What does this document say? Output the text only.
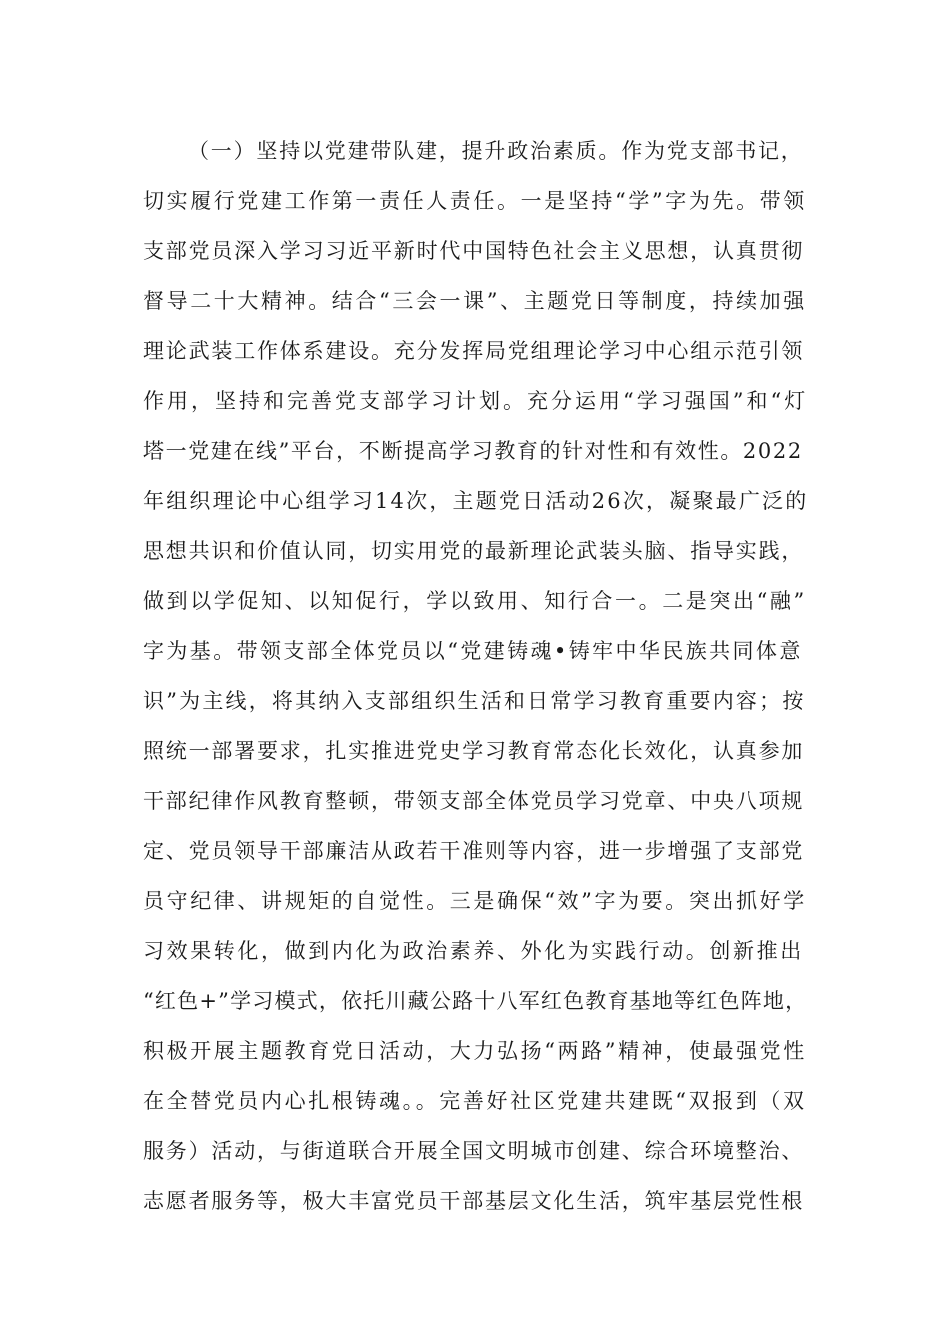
（一）坚持以党建带队建，提升政治素质。作为党支部书记，
切实履行党建工作第一责任人责任。一是坚持“学”字为先。带领
支部党员深入学习习近平新时代中国特色社会主义思想，认真贯彻
督导二十大精神。结合“三会一课”、主题党日等制度，持续加强
理论武装工作体系建设。充分发挥局党组理论学习中心组示范引领
作用，坚持和完善党支部学习计划。充分运用“学习强国”和“灯
塔一党建在线”平台，不断提高学习教育的针对性和有效性。2022
年组织理论中心组学习14次，主题党日活动26次，凝聚最广泛的
思想共识和价值认同，切实用党的最新理论武装头脑、指导实践，
做到以学促知、以知促行，学以致用、知行合一。二是突出“融”
字为基。带领支部全体党员以“党建铸魂•铸牢中华民族共同体意
识”为主线，将其纳入支部组织生活和日常学习教育重要内容；按
照统一部署要求，扎实推进党史学习教育常态化长效化，认真参加
干部纪律作风教育整顿，带领支部全体党员学习党章、中央八项规
定、党员领导干部廉洁从政若干准则等内容，进一步增强了支部党
员守纪律、讲规矩的自觉性。三是确保“效”字为要。突出抓好学
习效果转化，做到内化为政治素养、外化为实践行动。创新推出
“红色+”学习模式，依托川藏公路十八军红色教育基地等红色阵地，
积极开展主题教育党日活动，大力弘扬“两路”精神，使最强党性
在全替党员内心扎根铸魂。。完善好社区党建共建既“双报到（双
服务）活动，与街道联合开展全国文明城市创建、综合环境整治、
志愿者服务等，极大丰富党员干部基层文化生活，筑牢基层党性根
